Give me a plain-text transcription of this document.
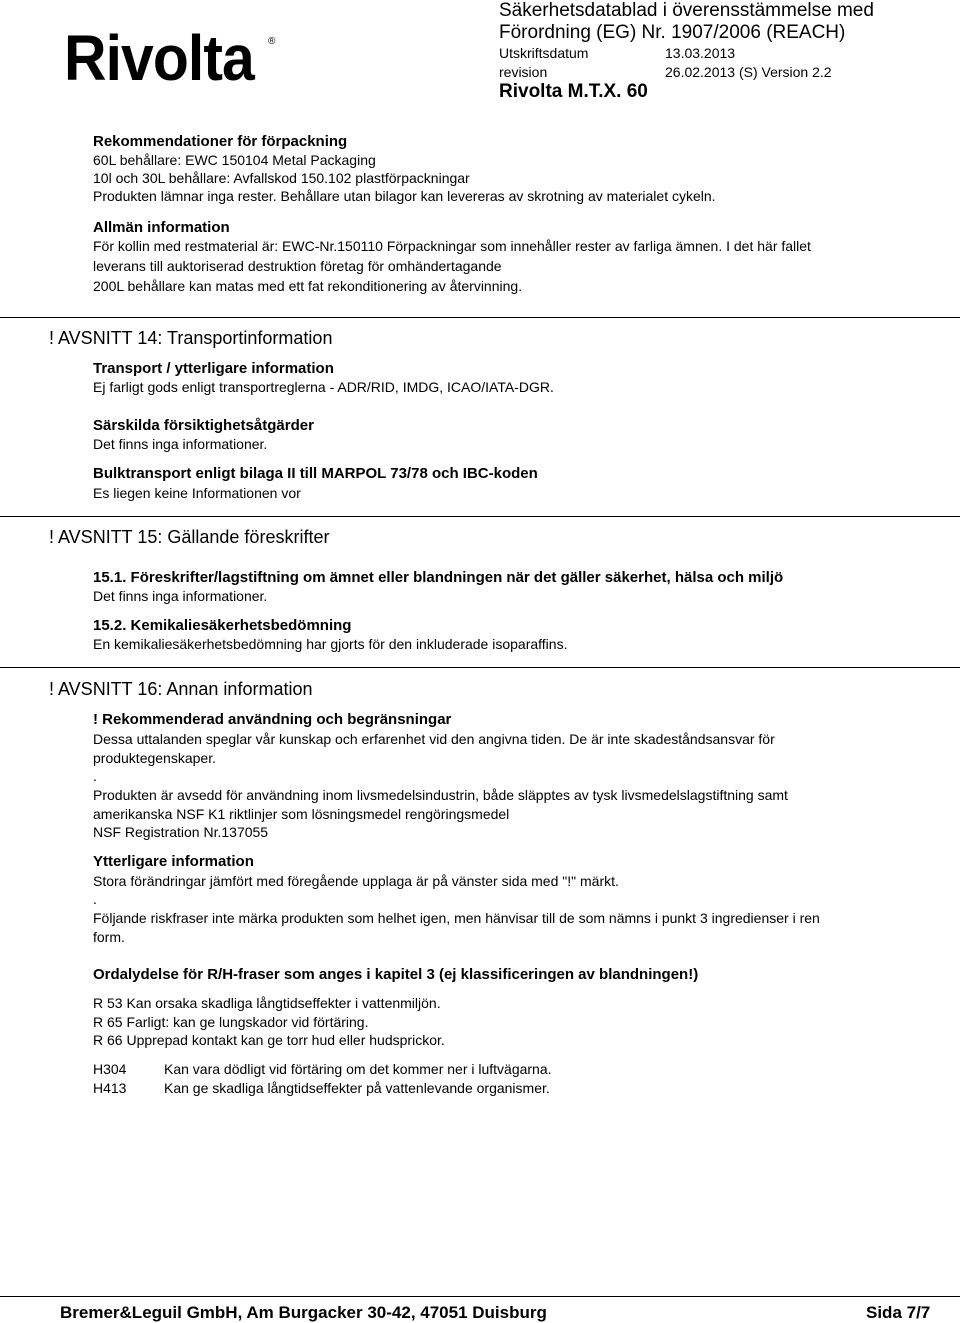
Rivolta ®
Säkerhetsdatablad i överensstämmelse med
Förordning (EG) Nr. 1907/2006 (REACH)
Utskriftsdatum	13.03.2013
revision	26.02.2013 (S) Version 2.2
Rivolta M.T.X. 60
Rekommendationer för förpackning
60L behållare: EWC 150104 Metal Packaging
10l och 30L behållare: Avfallskod 150.102 plastförpackningar
Produkten lämnar inga rester. Behållare utan bilagor kan levereras av skrotning av materialet cykeln.
Allmän information
För kollin med restmaterial är: EWC-Nr.150110 Förpackningar som innehåller rester av farliga ämnen. I det här fallet
leverans till auktoriserad destruktion företag för omhändertagande
200L behållare kan matas med ett fat rekonditionering av återvinning.
! AVSNITT 14: Transportinformation
Transport / ytterligare information
Ej farligt gods enligt transportreglerna - ADR/RID, IMDG, ICAO/IATA-DGR.
Särskilda försiktighetsåtgärder
Det finns inga informationer.
Bulktransport enligt bilaga II till MARPOL 73/78 och IBC-koden
Es liegen keine Informationen vor
! AVSNITT 15: Gällande föreskrifter
15.1. Föreskrifter/lagstiftning om ämnet eller blandningen när det gäller säkerhet, hälsa och miljö
Det finns inga informationer.
15.2. Kemikaliesäkerhetsbedömning
En kemikaliesäkerhetsbedömning har gjorts för den inkluderade isoparaffins.
! AVSNITT 16: Annan information
! Rekommenderad användning och begränsningar
Dessa uttalanden speglar vår kunskap och erfarenhet vid den angivna tiden. De är inte skadeståndsansvar för
produktegenskaper.
.
Produkten är avsedd för användning inom livsmedelsindustrin, både släpptes av tysk livsmedelslagstiftning samt
amerikanska NSF K1 riktlinjer som lösningsmedel rengöringsmedel
NSF Registration Nr.137055
Ytterligare information
Stora förändringar jämfört med föregående upplaga är på vänster sida med "!" märkt.
.
Följande riskfraser inte märka produkten som helhet igen, men hänvisar till de som nämns i punkt 3 ingredienser i ren
form.
Ordalydelse för R/H-fraser som anges i kapitel 3 (ej klassificeringen av blandningen!)
R 53 Kan orsaka skadliga långtidseffekter i vattenmiljön.
R 65 Farligt: kan ge lungskador vid förtäring.
R 66 Upprepad kontakt kan ge torr hud eller hudsprickor.
H304	Kan vara dödligt vid förtäring om det kommer ner i luftvägarna.
H413	Kan ge skadliga långtidseffekter på vattenlevande organismer.
Bremer&Leguil GmbH, Am Burgacker 30-42, 47051 Duisburg	Sida 7/7
